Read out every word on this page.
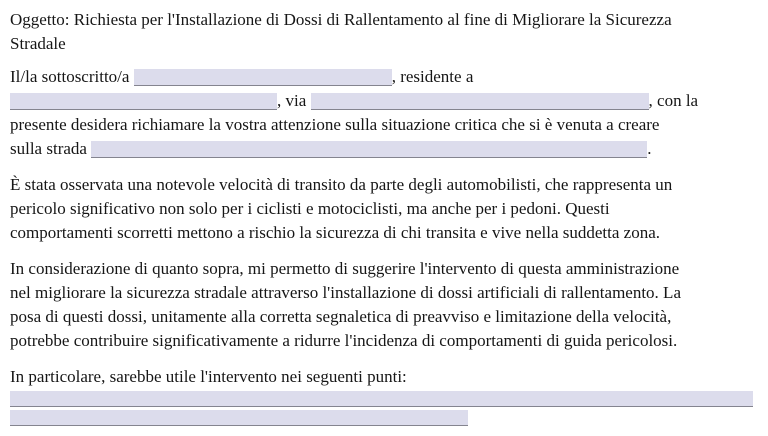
Oggetto: Richiesta per l'Installazione di Dossi di Rallentamento al fine di Migliorare la Sicurezza
Stradale

Il/la sottoscritto/a	, residente a
, via	, con la
presente desidera richiamare la vostra attenzione sulla situazione critica che si è venuta a creare
sulla strada	.

È stata osservata una notevole velocità di transito da parte degli automobilisti, che rappresenta un
pericolo significativo non solo per i ciclisti e motociclisti, ma anche per i pedoni. Questi
comportamenti scorretti mettono a rischio la sicurezza di chi transita e vive nella suddetta zona.

In considerazione di quanto sopra, mi permetto di suggerire l'intervento di questa amministrazione
nel migliorare la sicurezza stradale attraverso l'installazione di dossi artificiali di rallentamento. La
posa di questi dossi, unitamente alla corretta segnaletica di preavviso e limitazione della velocità,
potrebbe contribuire significativamente a ridurre l'incidenza di comportamenti di guida pericolosi.

In particolare, sarebbe utile l'intervento nei seguenti punti:
